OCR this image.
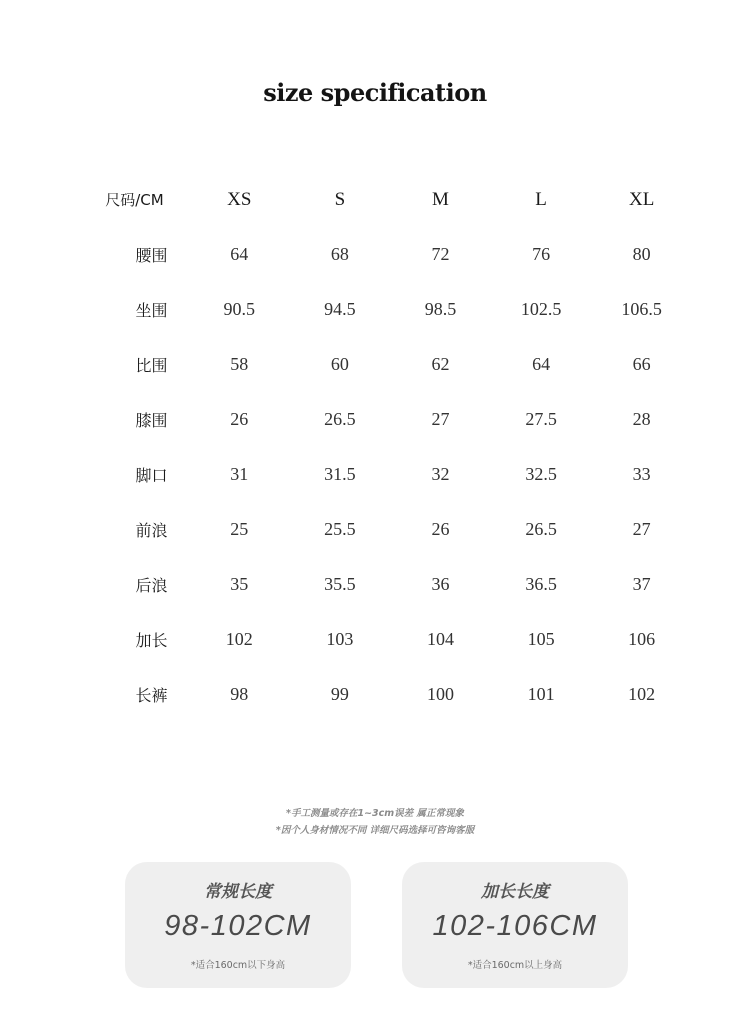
size specification
尺码/CM	XS	S	M	L	XL
腰围	64	68	72	76	80
坐围	90.5	94.5	98.5	102.5	106.5
比围	58	60	62	64	66
膝围	26	26.5	27	27.5	28
脚口	31	31.5	32	32.5	33
前浪	25	25.5	26	26.5	27
后浪	35	35.5	36	36.5	37
加长	102	103	104	105	106
长裤	98	99	100	101	102
*手工测量或存在1~3cm误差 属正常现象
*因个人身材情况不同 详细尺码选择可咨询客服
常规长度
98-102CM
*适合160cm以下身高
加长长度
102-106CM
*适合160cm以上身高
